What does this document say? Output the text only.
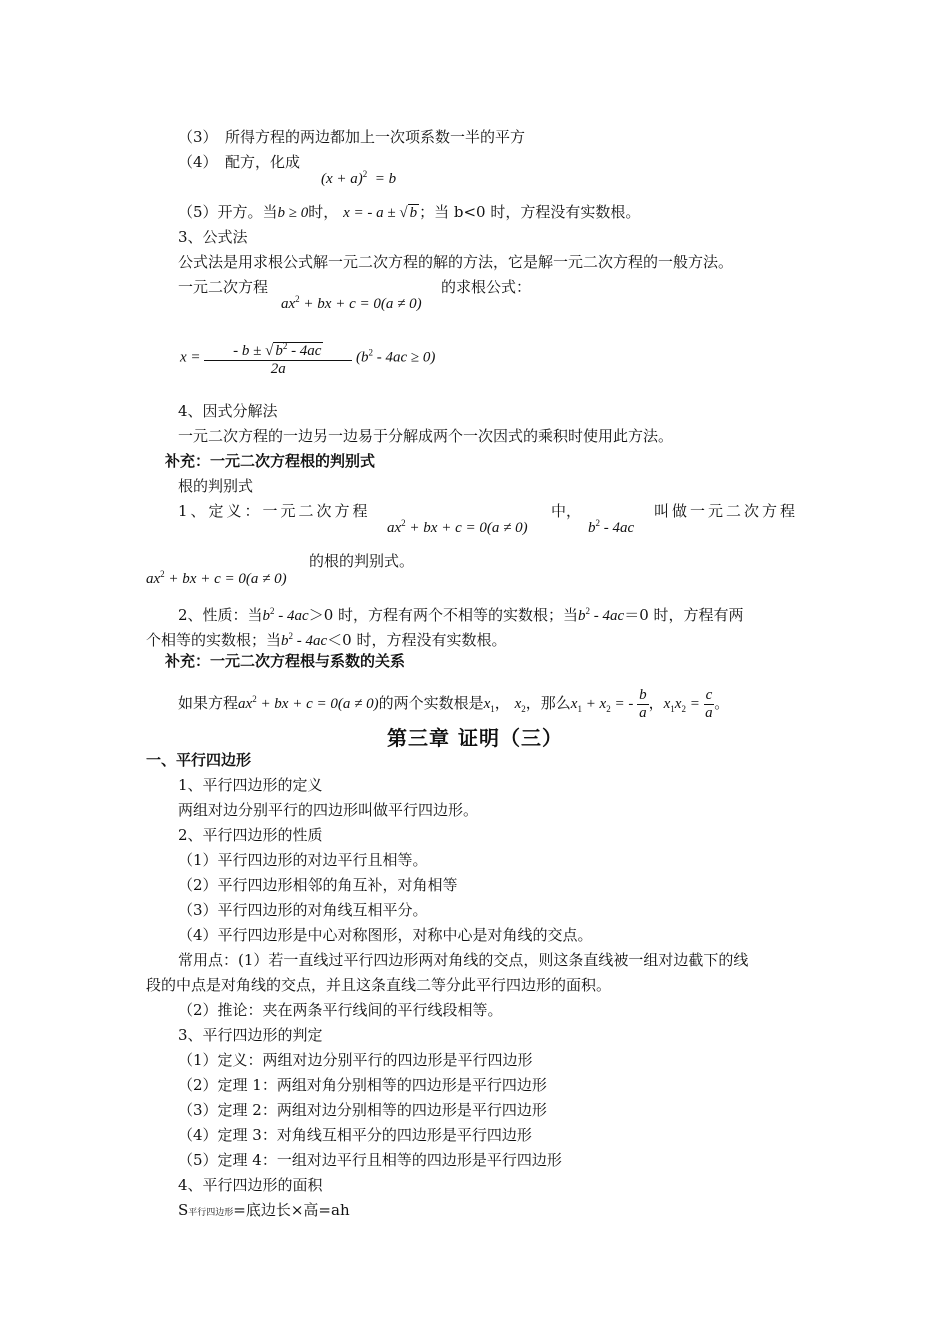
（3）　所得方程的两边都加上一次项系数一半的平方
（4）　配方，化成
$(x + a)^2 = b$
（5）开方。当b ≥ 0时， x = - a ± √ b ；当 b<0 时，方程没有实数根。
3、公式法
公式法是用求根公式解一元二次方程的解的方法，它是解一元二次方程的一般方法。
一元二次方程
$ax^2$ + bx + c = 0(a ≠ 0)
的求根公式：
$x = \frac{- b \pm √ b^2 - 4ac}{2a} (b^2 - 4ac \ge 0)$
4、因式分解法
一元二次方程的一边另一边易于分解成两个一次因式的乘积时使用此方法。
补充：一元二次方程根的判别式
根的判别式
1、定义：一元二次方程
$ax^2$ + bx + c = 0(a ≠ 0)
中，
$b^2 - 4ac$
叫做一元二次方程
$ax^2$ + bx + c = 0(a ≠ 0)
的根的判别式。
2、性质：当$b^2 - 4ac>0$ 时，方程有两个不相等的实数根；当$b^2 - 4ac=0$ 时，方程有两
个相等的实数根；当$b^2 - 4ac<0$ 时，方程没有实数根。
补充：一元二次方程根与系数的关系
如果方程$ax^2$ + bx + c = 0(a ≠ 0)的两个实数根是$x_1$， $x_2$，那么$x_1 + x_2$ = - $\frac{b}{a}$ ，$x_1x_2 = \frac{c}{a}$ 。
第三章 证明（三）
一、平行四边形
1、平行四边形的定义
两组对边分别平行的四边形叫做平行四边形。
2、平行四边形的性质
（1）平行四边形的对边平行且相等。
（2）平行四边形相邻的角互补，对角相等
（3）平行四边形的对角线互相平分。
（4）平行四边形是中心对称图形，对称中心是对角线的交点。
常用点：(1）若一直线过平行四边形两对角线的交点，则这条直线被一组对边截下的线
段的中点是对角线的交点，并且这条直线二等分此平行四边形的面积。
（2）推论：夹在两条平行线间的平行线段相等。
3、平行四边形的判定
（1）定义：两组对边分别平行的四边形是平行四边形
（2）定理 1：两组对角分别相等的四边形是平行四边形
（3）定理 2：两组对边分别相等的四边形是平行四边形
（4）定理 3：对角线互相平分的四边形是平行四边形
（5）定理 4：一组对边平行且相等的四边形是平行四边形
4、平行四边形的面积
S平行四边形=底边长×高=ah
